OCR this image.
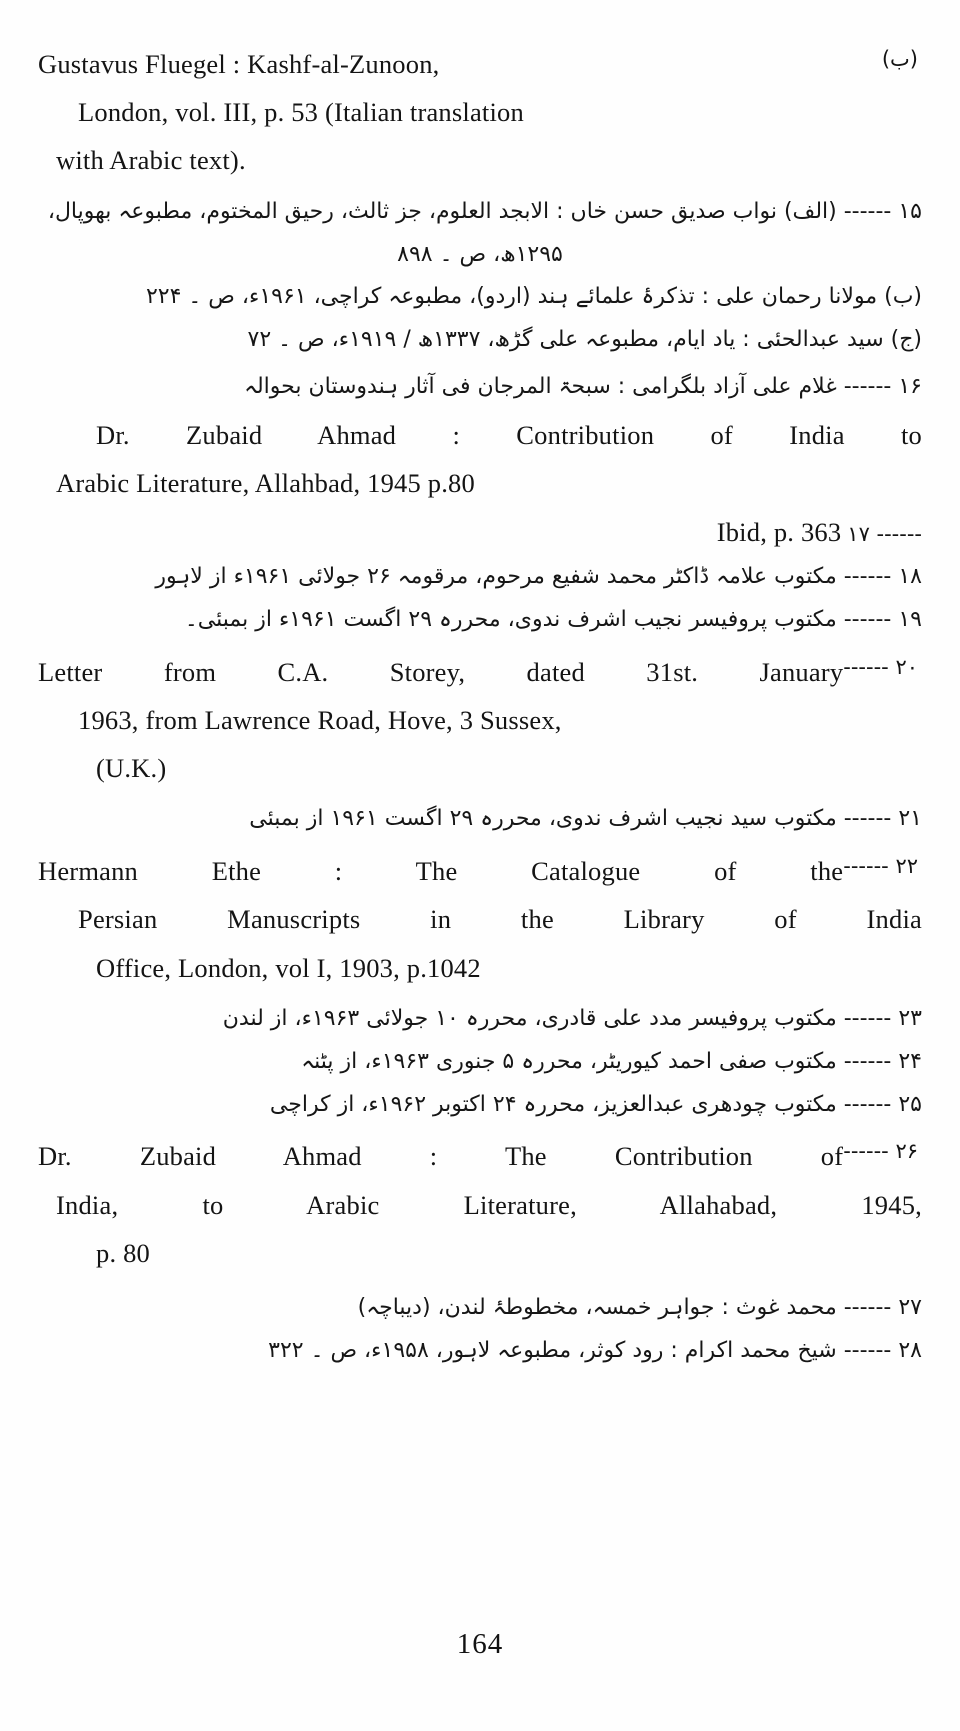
(ب)
Gustavus Fluegel : Kashf-al-Zunoon,
London, vol. III, p. 53 (Italian translation
with Arabic text).
۱۵ ------ (الف) نواب صدیق حسن خاں : الابجد العلوم، جز ثالث، رحیق المختوم، مطبوعہ بھوپال،
۱۲۹۵ھ، ص ۔ ۸۹۸
(ب) مولانا رحمان علی : تذکرۂ علمائے ہند (اردو)، مطبوعہ کراچی، ۱۹۶۱ء، ص ۔ ۲۲۴
(ج) سید عبدالحئی : یاد ایام، مطبوعہ علی گڑھ، ۱۳۳۷ھ / ۱۹۱۹ء، ص ۔ ۷۲
۱۶ ------ غلام علی آزاد بلگرامی : سبحۃ المرجان فی آثار ہندوستان بحوالہ
Dr. Zubaid Ahmad : Contribution of India to
Arabic Literature, Allahbad, 1945 p.80
Ibid, p. 363 ۱۷ ------
۱۸ ------ مکتوب علامہ ڈاکٹر محمد شفیع مرحوم، مرقومہ ۲۶ جولائی ۱۹۶۱ء از لاہور
۱۹ ------ مکتوب پروفیسر نجیب اشرف ندوی، محررہ ۲۹ اگست ۱۹۶۱ء از بمبئی۔
۲۰ ------
Letter from C.A. Storey, dated 31st. January
1963, from Lawrence Road, Hove, 3 Sussex,
(U.K.)
۲۱ ------ مکتوب سید نجیب اشرف ندوی، محررہ ۲۹ اگست ۱۹۶۱ از بمبئی
۲۲ ------
Hermann Ethe : The Catalogue of the
Persian Manuscripts in the Library of India
Office, London, vol I, 1903, p.1042
۲۳ ------ مکتوب پروفیسر مدد علی قادری، محررہ ۱۰ جولائی ۱۹۶۳ء، از لندن
۲۴ ------ مکتوب صفی احمد کیوریٹر، محررہ ۵ جنوری ۱۹۶۳ء، از پٹنہ
۲۵ ------ مکتوب چودھری عبدالعزیز، محررہ ۲۴ اکتوبر ۱۹۶۲ء، از کراچی
۲۶ ------
Dr. Zubaid Ahmad : The Contribution of
India, to Arabic Literature, Allahabad, 1945,
p. 80
۲۷ ------ محمد غوث : جواہر خمسہ، مخطوطۂ لندن، (دیباچہ)
۲۸ ------ شیخ محمد اکرام : رود کوثر، مطبوعہ لاہور، ۱۹۵۸ء، ص ۔ ۳۲۲
164
